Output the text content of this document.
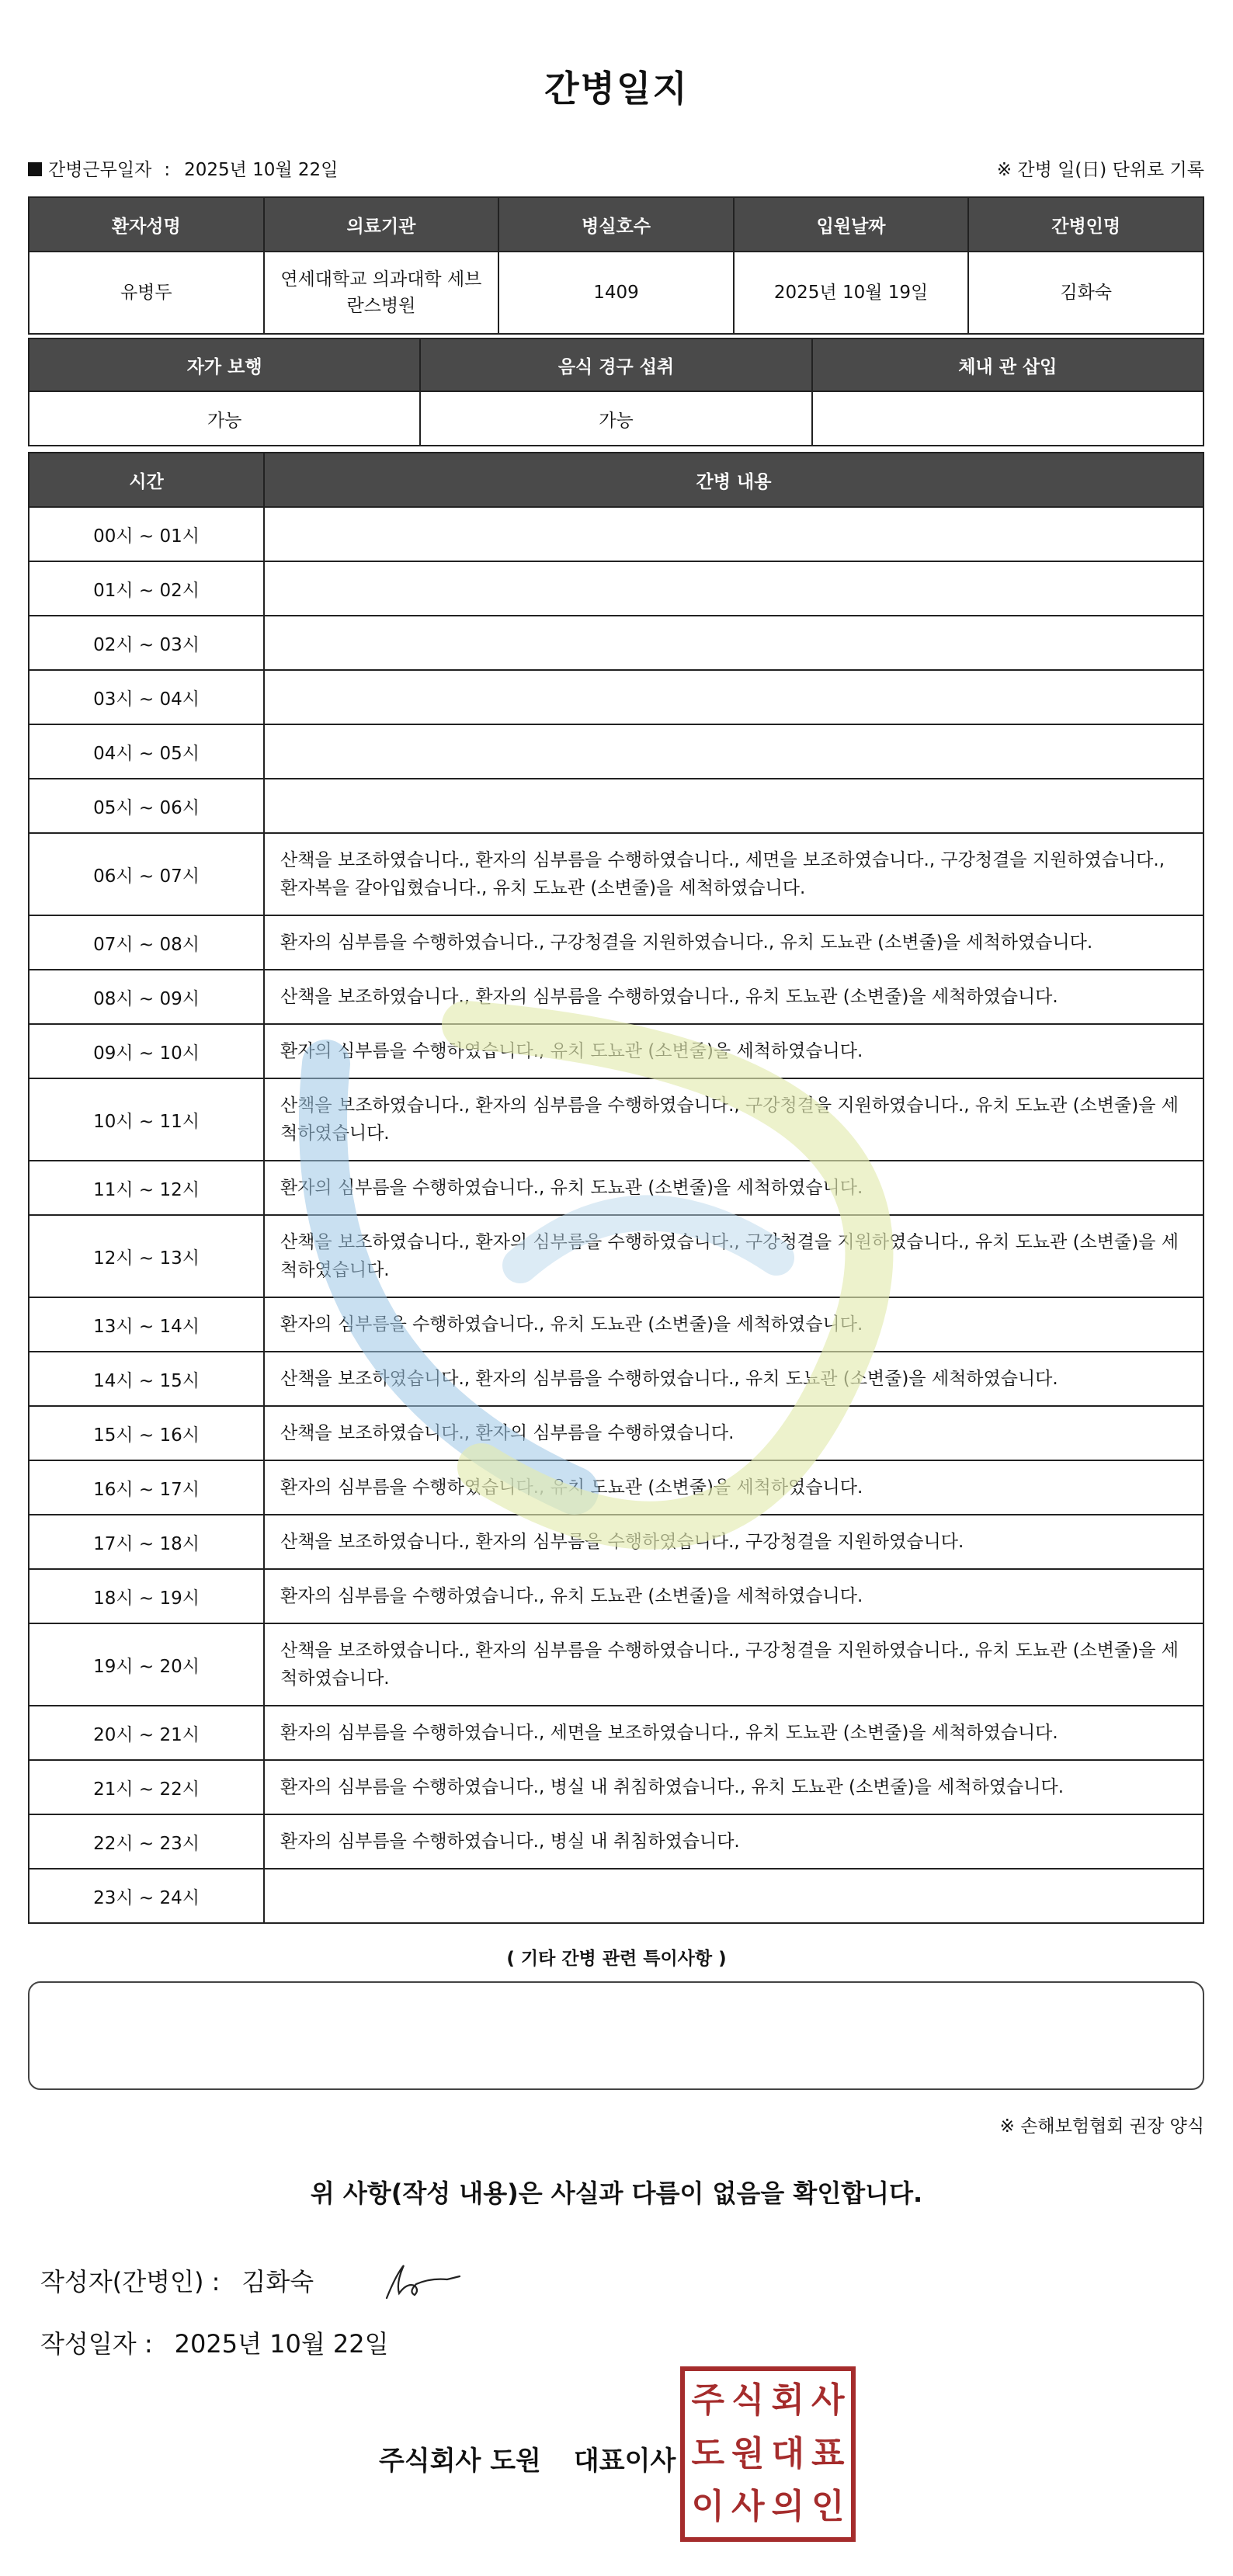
간병일지
간병근무일자 : 2025년 10월 22일	※ 간병 일(日) 단위로 기록
환자성명	의료기관	병실호수	입원날짜	간병인명
유병두	연세대학교 의과대학 세브란스병원	1409	2025년 10월 19일	김화숙
자가 보행	음식 경구 섭취	체내 관 삽입
가능	가능	
시간	간병 내용
00시 ~ 01시	
01시 ~ 02시	
02시 ~ 03시	
03시 ~ 04시	
04시 ~ 05시	
05시 ~ 06시	
06시 ~ 07시	산책을 보조하였습니다., 환자의 심부름을 수행하였습니다., 세면을 보조하였습니다., 구강청결을 지원하였습니다., 환자복을 갈아입혔습니다., 유치 도뇨관 (소변줄)을 세척하였습니다.
07시 ~ 08시	환자의 심부름을 수행하였습니다., 구강청결을 지원하였습니다., 유치 도뇨관 (소변줄)을 세척하였습니다.
08시 ~ 09시	산책을 보조하였습니다., 환자의 심부름을 수행하였습니다., 유치 도뇨관 (소변줄)을 세척하였습니다.
09시 ~ 10시	환자의 심부름을 수행하였습니다., 유치 도뇨관 (소변줄)을 세척하였습니다.
10시 ~ 11시	산책을 보조하였습니다., 환자의 심부름을 수행하였습니다., 구강청결을 지원하였습니다., 유치 도뇨관 (소변줄)을 세척하였습니다.
11시 ~ 12시	환자의 심부름을 수행하였습니다., 유치 도뇨관 (소변줄)을 세척하였습니다.
12시 ~ 13시	산책을 보조하였습니다., 환자의 심부름을 수행하였습니다., 구강청결을 지원하였습니다., 유치 도뇨관 (소변줄)을 세척하였습니다.
13시 ~ 14시	환자의 심부름을 수행하였습니다., 유치 도뇨관 (소변줄)을 세척하였습니다.
14시 ~ 15시	산책을 보조하였습니다., 환자의 심부름을 수행하였습니다., 유치 도뇨관 (소변줄)을 세척하였습니다.
15시 ~ 16시	산책을 보조하였습니다., 환자의 심부름을 수행하였습니다.
16시 ~ 17시	환자의 심부름을 수행하였습니다., 유치 도뇨관 (소변줄)을 세척하였습니다.
17시 ~ 18시	산책을 보조하였습니다., 환자의 심부름을 수행하였습니다., 구강청결을 지원하였습니다.
18시 ~ 19시	환자의 심부름을 수행하였습니다., 유치 도뇨관 (소변줄)을 세척하였습니다.
19시 ~ 20시	산책을 보조하였습니다., 환자의 심부름을 수행하였습니다., 구강청결을 지원하였습니다., 유치 도뇨관 (소변줄)을 세척하였습니다.
20시 ~ 21시	환자의 심부름을 수행하였습니다., 세면을 보조하였습니다., 유치 도뇨관 (소변줄)을 세척하였습니다.
21시 ~ 22시	환자의 심부름을 수행하였습니다., 병실 내 취침하였습니다., 유치 도뇨관 (소변줄)을 세척하였습니다.
22시 ~ 23시	환자의 심부름을 수행하였습니다., 병실 내 취침하였습니다.
23시 ~ 24시	
( 기타 간병 관련 특이사항 )
※ 손해보험협회 권장 양식
위 사항(작성 내용)은 사실과 다름이 없음을 확인합니다.
작성자(간병인) : 김화숙
작성일자 : 2025년 10월 22일
주식회사 도원 대표이사
주 식 회 사
도 원 대 표
이 사 의 인
